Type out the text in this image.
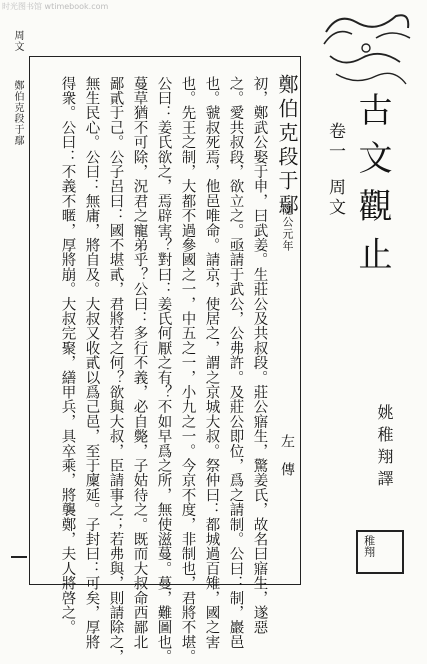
时光图书馆 wtimebook.com
周文
鄭伯克段于鄢	古文觀止
卷一
周文
姚稚翔譯
稚翔
鄭伯克段于鄢
隱公元年
左傳
初，鄭武公娶于申，曰武姜。生莊公及共叔段。莊公寤生，驚姜氏，故名曰寤生，遂惡
之。愛共叔段，欲立之。亟請于武公，公弗許。及莊公即位，爲之請制。公曰：制，巖邑
也。虢叔死焉，他邑唯命。請京，使居之，謂之京城大叔。祭仲曰：都城過百雉，國之害
也。先王之制，大都不過參國之一，中五之一，小九之一。今京不度，非制也，君將不堪。
公曰：姜氏欲之，焉辟害？對曰：姜氏何厭之有？不如早爲之所，無使滋蔓。蔓，難圖也。
蔓草猶不可除，況君之寵弟乎？公曰：多行不義，必自斃，子姑待之。既而大叔命西鄙北
鄙貳于己。公子呂曰：國不堪貳，君將若之何？欲與大叔，臣請事之；若弗與，則請除之，
無生民心。公曰：無庸，將自及。大叔又收貳以爲己邑，至于廩延。子封曰：可矣，厚將
得衆。公曰：不義不暱，厚將崩。大叔完聚，繕甲兵，具卒乘，將襲鄭，夫人將啓之。
